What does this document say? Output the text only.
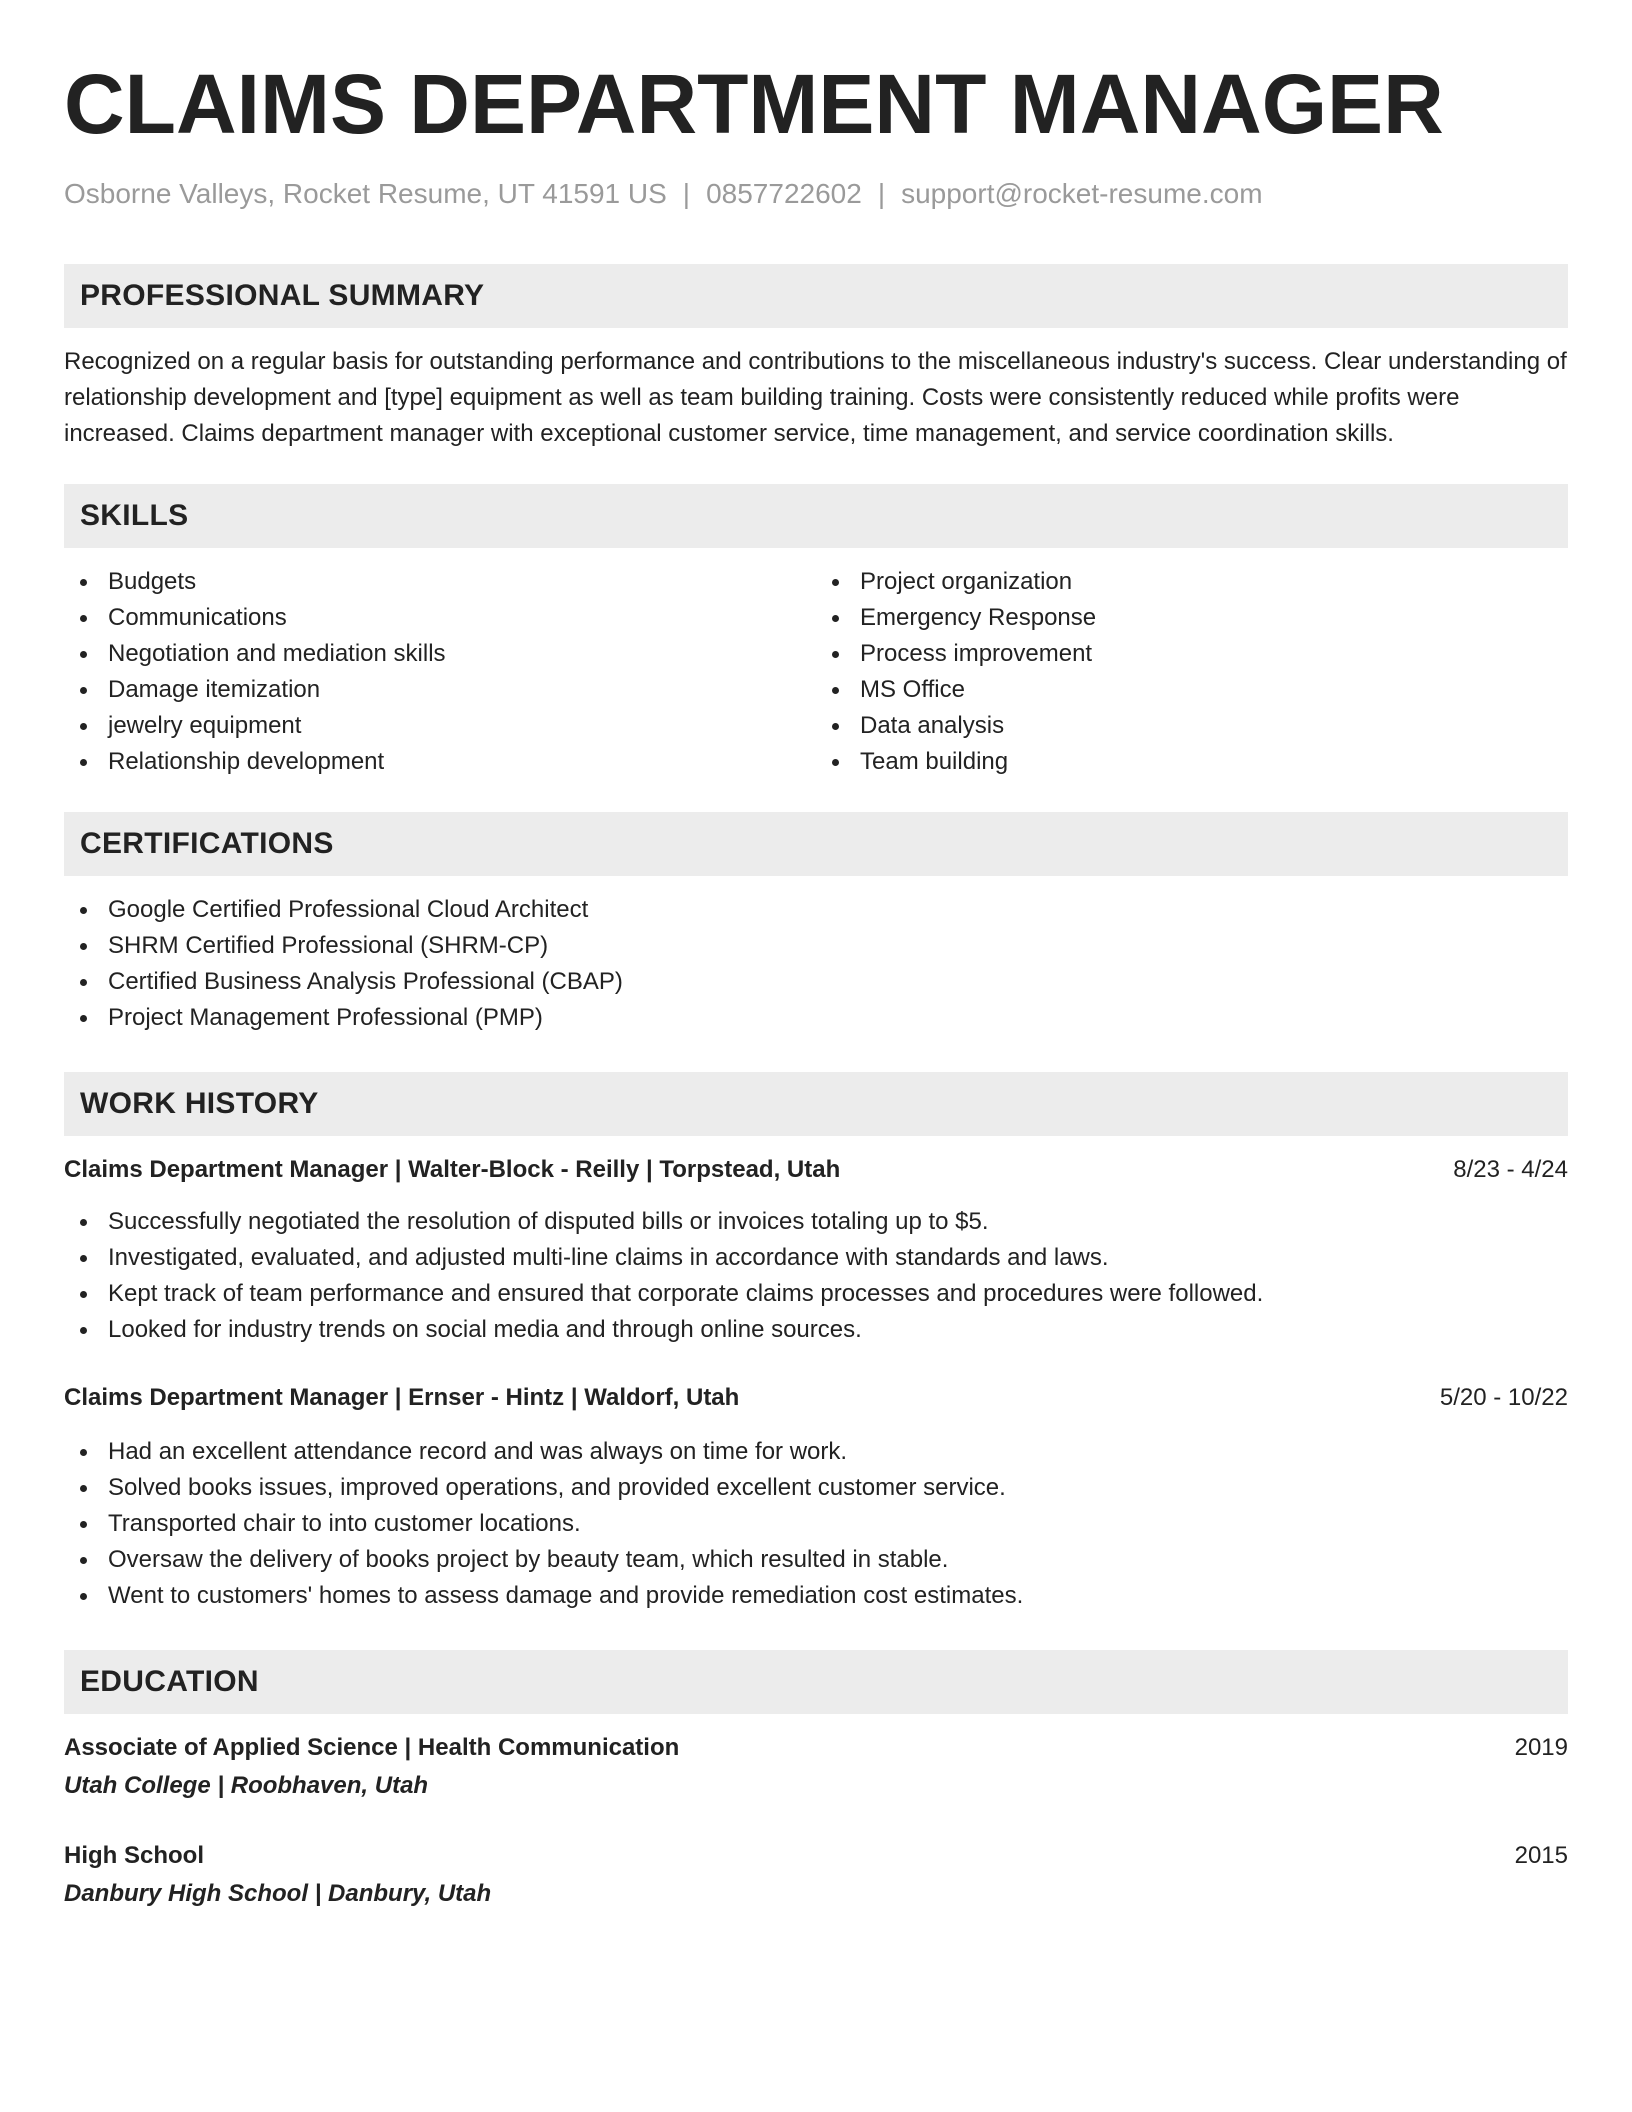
CLAIMS DEPARTMENT MANAGER
Osborne Valleys, Rocket Resume, UT 41591 US | 0857722602 | support@rocket-resume.com
PROFESSIONAL SUMMARY

Recognized on a regular basis for outstanding performance and contributions to the miscellaneous industry's success. Clear understanding of relationship development and [type] equipment as well as team building training. Costs were consistently reduced while profits were increased. Claims department manager with exceptional customer service, time management, and service coordination skills.

SKILLS
Budgets
Communications
Negotiation and mediation skills
Damage itemization
jewelry equipment
Relationship development
Project organization
Emergency Response
Process improvement
MS Office
Data analysis
Team building
CERTIFICATIONS
Google Certified Professional Cloud Architect
SHRM Certified Professional (SHRM-CP)
Certified Business Analysis Professional (CBAP)
Project Management Professional (PMP)
WORK HISTORY
Claims Department Manager | Walter-Block - Reilly | Torpstead, Utah	8/23 - 4/24
Successfully negotiated the resolution of disputed bills or invoices totaling up to $5.
Investigated, evaluated, and adjusted multi-line claims in accordance with standards and laws.
Kept track of team performance and ensured that corporate claims processes and procedures were followed.
Looked for industry trends on social media and through online sources.
Claims Department Manager | Ernser - Hintz | Waldorf, Utah	5/20 - 10/22
Had an excellent attendance record and was always on time for work.
Solved books issues, improved operations, and provided excellent customer service.
Transported chair to into customer locations.
Oversaw the delivery of books project by beauty team, which resulted in stable.
Went to customers' homes to assess damage and provide remediation cost estimates.
EDUCATION
Associate of Applied Science | Health Communication	2019
Utah College | Roobhaven, Utah
High School	2015
Danbury High School | Danbury, Utah
